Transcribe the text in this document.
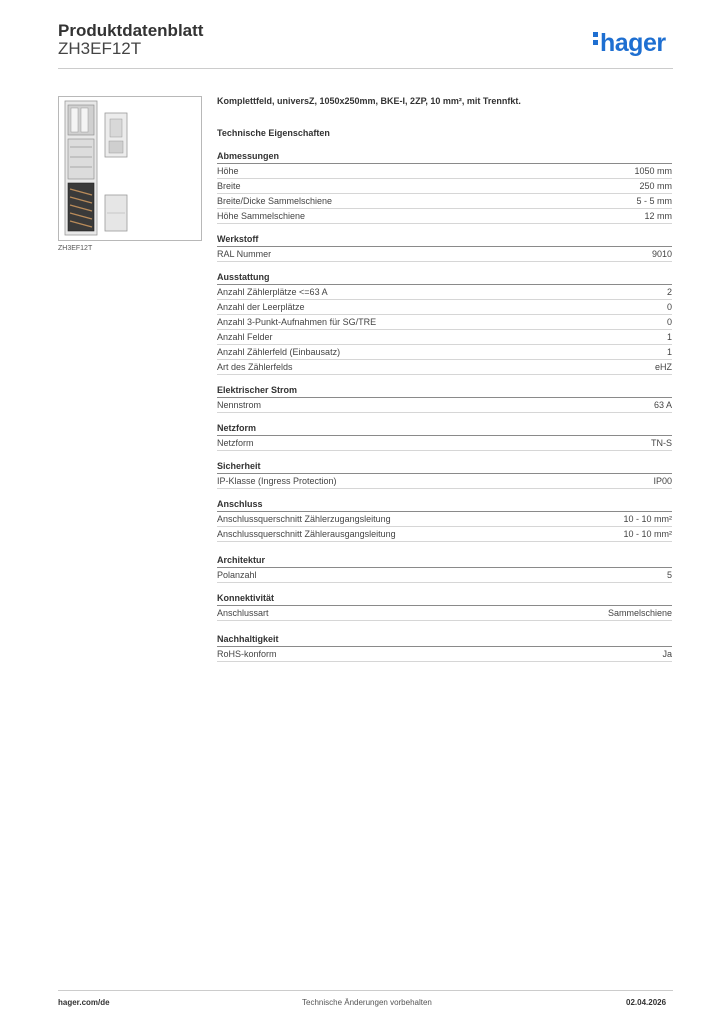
Produktdatenblatt
ZH3EF12T	hager
ZH3EF12T
Komplettfeld, universZ, 1050x250mm, BKE-I, 2ZP, 10 mm², mit Trennfkt.
Technische Eigenschaften
Abmessungen
Höhe	1050 mm
Breite	250 mm
Breite/Dicke Sammelschiene	5 - 5 mm
Höhe Sammelschiene	12 mm
Werkstoff
RAL Nummer	9010
Ausstattung
Anzahl Zählerplätze <=63 A	2
Anzahl der Leerplätze	0
Anzahl 3-Punkt-Aufnahmen für SG/TRE	0
Anzahl Felder	1
Anzahl Zählerfeld (Einbausatz)	1
Art des Zählerfelds	eHZ
Elektrischer Strom
Nennstrom	63 A
Netzform
Netzform	TN-S
Sicherheit
IP-Klasse (Ingress Protection)	IP00
Anschluss
Anschlussquerschnitt Zählerzugangsleitung	10 - 10 mm²
Anschlussquerschnitt Zählerausgangsleitung	10 - 10 mm²
Architektur
Polanzahl	5
Konnektivität
Anschlussart	Sammelschiene
Nachhaltigkeit
RoHS-konform	Ja
hager.com/de	Technische Änderungen vorbehalten	02.04.2026
